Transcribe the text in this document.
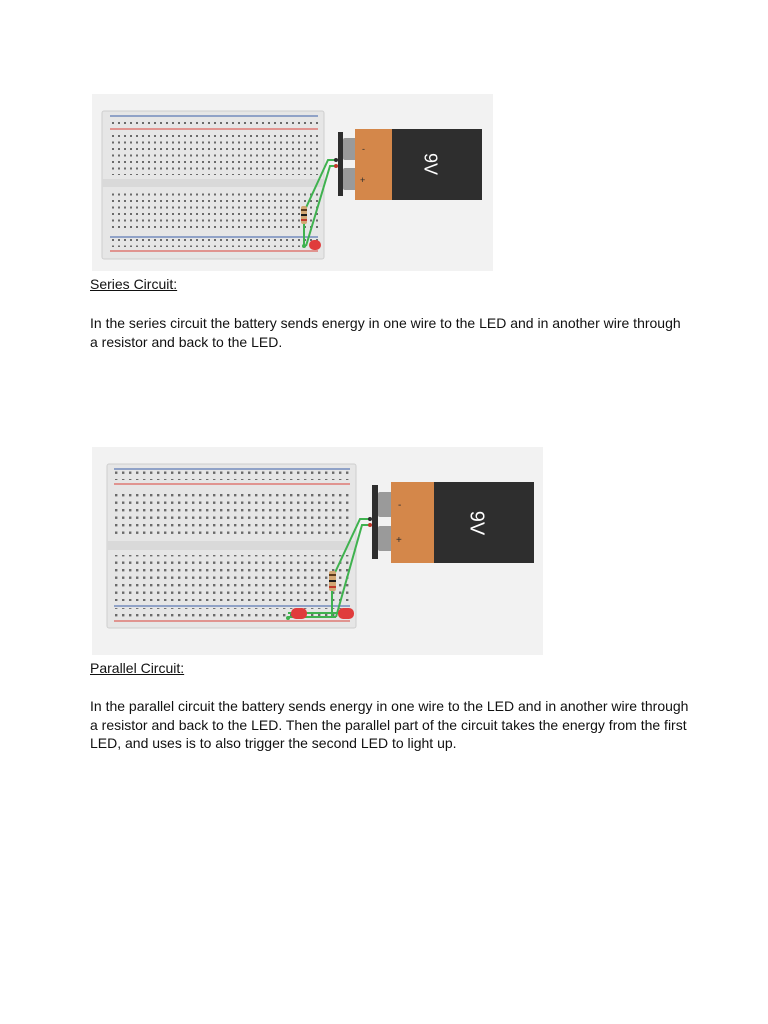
-
+
9V
Series Circuit:
In the series circuit the battery sends energy in one wire to the LED and in another wire through a resistor and back to the LED.
-
+
9V
Parallel Circuit:
In the parallel circuit the battery sends energy in one wire to the LED and in another wire through a resistor and back to the LED. Then the parallel part of the circuit takes the energy from the first LED, and uses is to also trigger the second LED to light up.
